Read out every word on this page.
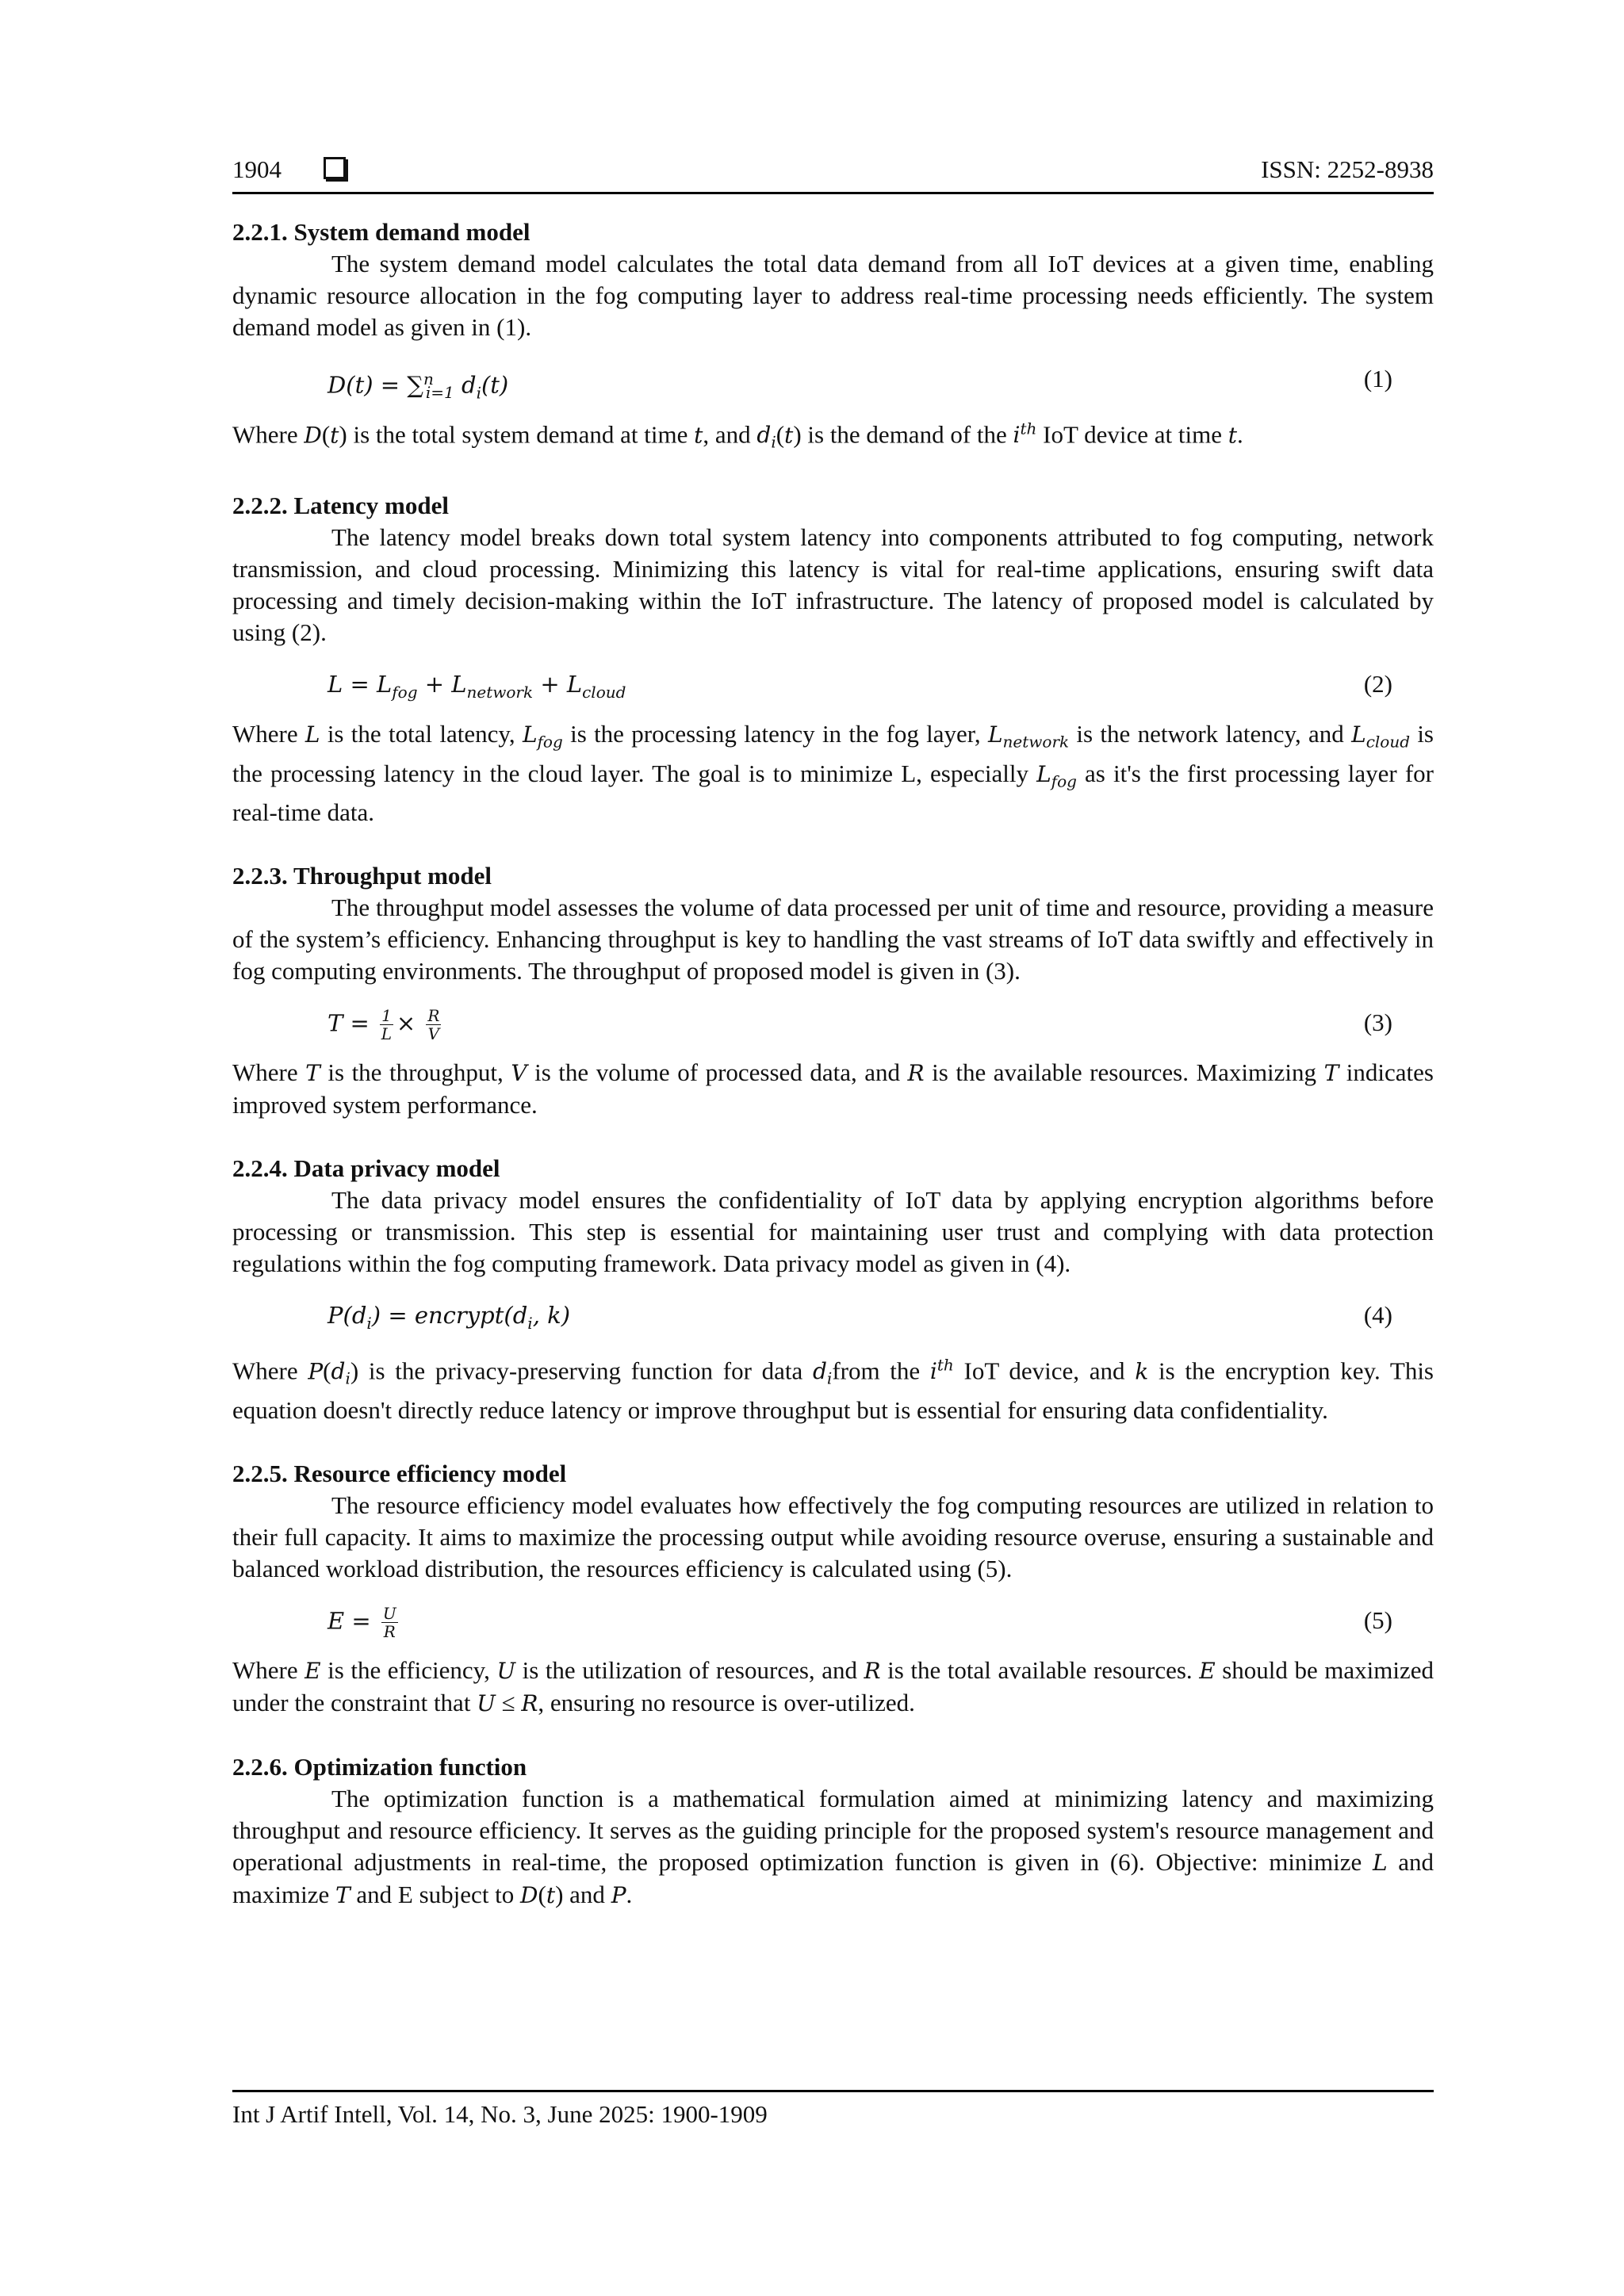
1904	ISSN: 2252-8938
2.2.1. System demand model

The system demand model calculates the total data demand from all IoT devices at a given time, enabling dynamic resource allocation in the fog computing layer to address real-time processing needs efficiently. The system demand model as given in (1).

D(t) = ∑$^n_{i=1}$ $d_i(t)$	(1)

Where D(t) is the total system demand at time t, and $d_i(t)$ is the demand of the $i^{th}$ IoT device at time t.

2.2.2. Latency model

The latency model breaks down total system latency into components attributed to fog computing, network transmission, and cloud processing. Minimizing this latency is vital for real-time applications, ensuring swift data processing and timely decision-making within the IoT infrastructure. The latency of proposed model is calculated by using (2).

$L = L_{fog} + L_{network} + L_{cloud}$	(2)

Where L is the total latency, $L_{fog}$ is the processing latency in the fog layer, $L_{network}$ is the network latency, and $L_{cloud}$ is the processing latency in the cloud layer. The goal is to minimize L, especially $L_{fog}$ as it's the first processing layer for real-time data.

2.2.3. Throughput model

The throughput model assesses the volume of data processed per unit of time and resource, providing a measure of the system’s efficiency. Enhancing throughput is key to handling the vast streams of IoT data swiftly and effectively in fog computing environments. The throughput of proposed model is given in (3).

$T = \frac{1}{L} \times \frac{R}{V}$	(3)

Where T is the throughput, V is the volume of processed data, and R is the available resources. Maximizing T indicates improved system performance.

2.2.4. Data privacy model

The data privacy model ensures the confidentiality of IoT data by applying encryption algorithms before processing or transmission. This step is essential for maintaining user trust and complying with data protection regulations within the fog computing framework. Data privacy model as given in (4).

$P(d_i)$ = $encrypt(d_i$, k)	(4)

Where $P(d_i)$ is the privacy-preserving function for data $d_ifrom$ the $i^{th}$ IoT device, and k is the encryption key. This equation doesn't directly reduce latency or improve throughput but is essential for ensuring data confidentiality.

2.2.5. Resource efficiency model

The resource efficiency model evaluates how effectively the fog computing resources are utilized in relation to their full capacity. It aims to maximize the processing output while avoiding resource overuse, ensuring a sustainable and balanced workload distribution, the resources efficiency is calculated using (5).

$E = \frac{U}{R}$	(5)

Where E is the efficiency, U is the utilization of resources, and R is the total available resources. E should be maximized under the constraint that U ≤ R, ensuring no resource is over-utilized.

2.2.6. Optimization function

The optimization function is a mathematical formulation aimed at minimizing latency and maximizing throughput and resource efficiency. It serves as the guiding principle for the proposed system's resource management and operational adjustments in real-time, the proposed optimization function is given in (6). Objective: minimize L and maximize T and E subject to D(t) and P.

Int J Artif Intell, Vol. 14, No. 3, June 2025: 1900-1909
